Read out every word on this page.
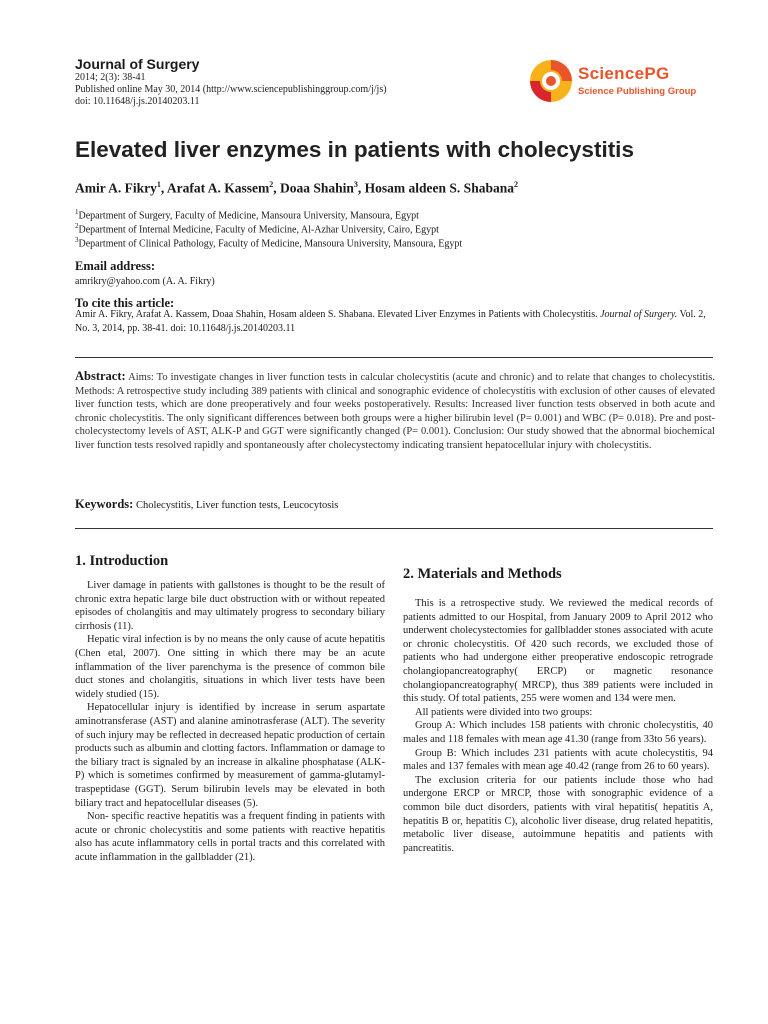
Journal of Surgery
2014; 2(3): 38-41
Published online May 30, 2014 (http://www.sciencepublishinggroup.com/j/js)
doi: 10.11648/j.js.20140203.11
SciencePG
Science Publishing Group
Elevated liver enzymes in patients with cholecystitis
Amir A. Fikry$^1$, Arafat A. Kassem$^2$, Doaa Shahin$^3$, Hosam aldeen S. Shabana$^2$
$^1$Department of Surgery, Faculty of Medicine, Mansoura University, Mansoura, Egypt
$^2$Department of Internal Medicine, Faculty of Medicine, Al-Azhar University, Cairo, Egypt
$^3$Department of Clinical Pathology, Faculty of Medicine, Mansoura University, Mansoura, Egypt
Email address:
amrikry@yahoo.com (A. A. Fikry)
To cite this article:
Amir A. Fikry, Arafat A. Kassem, Doaa Shahin, Hosam aldeen S. Shabana. Elevated Liver Enzymes in Patients with Cholecystitis. Journal of Surgery. Vol. 2, No. 3, 2014, pp. 38-41. doi: 10.11648/j.js.20140203.11
Abstract: Aims: To investigate changes in liver function tests in calcular cholecystitis (acute and chronic) and to relate that changes to cholecystitis. Methods: A retrospective study including 389 patients with clinical and sonographic evidence of cholecystitis with exclusion of other causes of elevated liver function tests, which are done preoperatively and four weeks postoperatively. Results: Increased liver function tests observed in both acute and chronic cholecystitis. The only significant differences between both groups were a higher bilirubin level (P= 0.001) and WBC (P= 0.018). Pre and post-cholecystectomy levels of AST, ALK-P and GGT were significantly changed (P= 0.001). Conclusion: Our study showed that the abnormal biochemical liver function tests resolved rapidly and spontaneously after cholecystectomy indicating transient hepatocellular injury with cholecystitis.
Keywords: Cholecystitis, Liver function tests, Leucocytosis
1. Introduction
2. Materials and Methods

Liver damage in patients with gallstones is thought to be the result of chronic extra hepatic large bile duct obstruction with or without repeated episodes of cholangitis and may ultimately progress to secondary biliary cirrhosis (11).

Hepatic viral infection is by no means the only cause of acute hepatitis (Chen etal, 2007). One sitting in which there may be an acute inflammation of the liver parenchyma is the presence of common bile duct stones and cholangitis, situations in which liver tests have been widely studied (15).

Hepatocellular injury is identified by increase in serum aspartate aminotransferase (AST) and alanine aminotrasferase (ALT). The severity of such injury may be reflected in decreased hepatic production of certain products such as albumin and clotting factors. Inflammation or damage to the biliary tract is signaled by an increase in alkaline phosphatase (ALK-P) which is sometimes confirmed by measurement of gamma-glutamyl-traspeptidase (GGT). Serum bilirubin levels may be elevated in both biliary tract and hepatocellular diseases (5).

Non- specific reactive hepatitis was a frequent finding in patients with acute or chronic cholecystitis and some patients with reactive hepatitis also has acute inflammatory cells in portal tracts and this correlated with acute inflammation in the gallbladder (21).

This is a retrospective study. We reviewed the medical records of patients admitted to our Hospital, from January 2009 to April 2012 who underwent cholecystectomies for gallbladder stones associated with acute or chronic cholecystitis. Of 420 such records, we excluded those of patients who had undergone either preoperative endoscopic retrograde cholangiopancreatography( ERCP) or magnetic resonance cholangiopancreatography( MRCP), thus 389 patients were included in this study. Of total patients, 255 were women and 134 were men.

All patients were divided into two groups:

Group A: Which includes 158 patients with chronic cholecystitis, 40 males and 118 females with mean age 41.30 (range from 33to 56 years).

Group B: Which includes 231 patients with acute cholecystitis, 94 males and 137 females with mean age 40.42 (range from 26 to 60 years).

The exclusion criteria for our patients include those who had undergone ERCP or MRCP, those with sonographic evidence of a common bile duct disorders, patients with viral hepatitis( hepatitis A, hepatitis B or, hepatitis C), alcoholic liver disease, drug related hepatitis, metabolic liver disease, autoimmune hepatitis and patients with pancreatitis.
